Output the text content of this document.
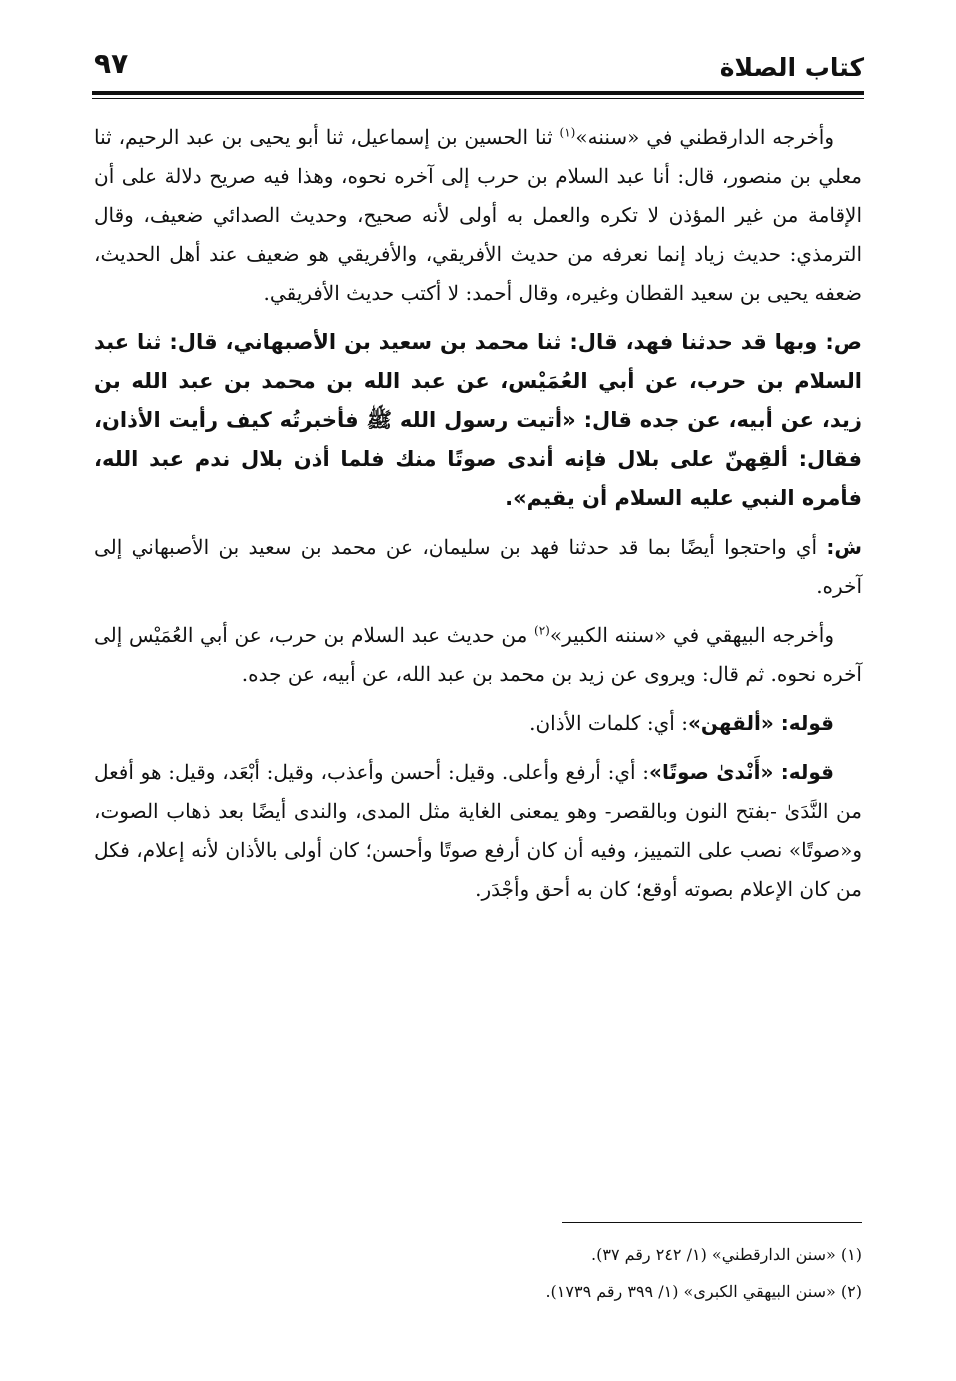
كتاب الصلاة
٩٧

وأخرجه الدارقطني في «سننه»$^{(١)}$ ثنا الحسين بن إسماعيل، ثنا أبو يحيى بن عبد الرحيم، ثنا معلي بن منصور، قال: أنا عبد السلام بن حرب إلى آخره نحوه، وهذا فيه صريح دلالة على أن الإقامة من غير المؤذن لا تكره والعمل به أولى لأنه صحيح، وحديث الصدائي ضعيف، وقال الترمذي: حديث زياد إنما نعرفه من حديث الأفريقي، والأفريقي هو ضعيف عند أهل الحديث، ضعفه يحيى بن سعيد القطان وغيره، وقال أحمد: لا أكتب حديث الأفريقي.

ص: وبها قد حدثنا فهد، قال: ثنا محمد بن سعيد بن الأصبهاني، قال: ثنا عبد السلام بن حرب، عن أبي العُمَيْس، عن عبد الله بن محمد بن عبد الله بن زيد، عن أبيه، عن جده قال: «أتيت رسول الله ﷺ فأخبرتُه كيف رأيت الأذان، فقال: ألقِهنّ على بلال فإنه أندى صوتًا منك فلما أذن بلال ندم عبد الله، فأمره النبي عليه السلام أن يقيم».

ش: أي واحتجوا أيضًا بما قد حدثنا فهد بن سليمان، عن محمد بن سعيد بن الأصبهاني إلى آخره.

وأخرجه البيهقي في «سننه الكبير»$^{(٢)}$ من حديث عبد السلام بن حرب، عن أبي العُمَيْس إلى آخره نحوه. ثم قال: ويروى عن زيد بن محمد بن عبد الله، عن أبيه، عن جده.

قوله: «ألقهن»: أي: كلمات الأذان.

قوله: «أَنْدىٰ صوتًا»: أي: أرفع وأعلى. وقيل: أحسن وأعذب، وقيل: أبْعَد، وقيل: هو أفعل من النَّدَىٰ -بفتح النون وبالقصر- وهو يمعنى الغاية مثل المدى، والندى أيضًا بعد ذهاب الصوت، و«صوتًا» نصب على التمييز، وفيه أن كان أرفع صوتًا وأحسن؛ كان أولى بالأذان لأنه إعلام، فكل من كان الإعلام بصوته أوقع؛ كان به أحق وأجْدَر.

(١) «سنن الدارقطني» (١/ ٢٤٢ رقم ٣٧).

(٢) «سنن البيهقي الكبرى» (١/ ٣٩٩ رقم ١٧٣٩).
